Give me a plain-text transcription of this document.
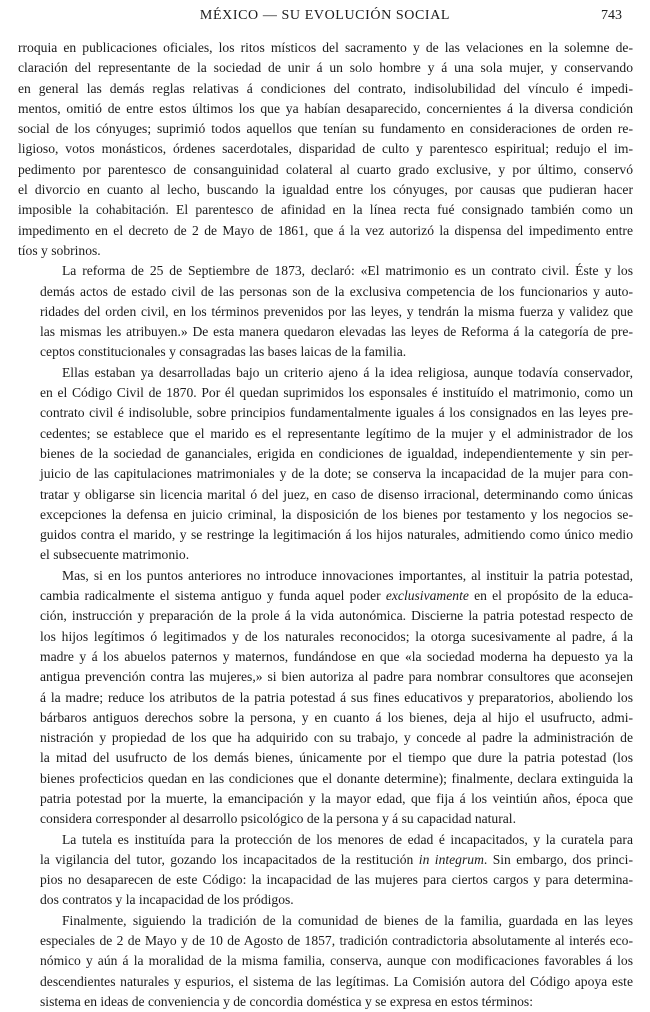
MÉXICO — SU EVOLUCIÓN SOCIAL	743
rroquia en publicaciones oficiales, los ritos místicos del sacramento y de las velaciones en la solemne de-
claración del representante de la sociedad de unir á un solo hombre y á una sola mujer, y conservando
en general las demás reglas relativas á condiciones del contrato, indisolubilidad del vínculo é impedi-
mentos, omitió de entre estos últimos los que ya habían desaparecido, concernientes á la diversa condición
social de los cónyuges; suprimió todos aquellos que tenían su fundamento en consideraciones de orden re-
ligioso, votos monásticos, órdenes sacerdotales, disparidad de culto y parentesco espiritual; redujo el im-
pedimento por parentesco de consanguinidad colateral al cuarto grado exclusive, y por último, conservó
el divorcio en cuanto al lecho, buscando la igualdad entre los cónyuges, por causas que pudieran hacer
imposible la cohabitación. El parentesco de afinidad en la línea recta fué consignado también como un
impedimento en el decreto de 2 de Mayo de 1861, que á la vez autorizó la dispensa del impedimento entre
tíos y sobrinos.
La reforma de 25 de Septiembre de 1873, declaró: «El matrimonio es un contrato civil. Éste y los
demás actos de estado civil de las personas son de la exclusiva competencia de los funcionarios y auto-
ridades del orden civil, en los términos prevenidos por las leyes, y tendrán la misma fuerza y validez que
las mismas les atribuyen.» De esta manera quedaron elevadas las leyes de Reforma á la categoría de pre-
ceptos constitucionales y consagradas las bases laicas de la familia.
Ellas estaban ya desarrolladas bajo un criterio ajeno á la idea religiosa, aunque todavía conservador,
en el Código Civil de 1870. Por él quedan suprimidos los esponsales é instituído el matrimonio, como un
contrato civil é indisoluble, sobre principios fundamentalmente iguales á los consignados en las leyes pre-
cedentes; se establece que el marido es el representante legítimo de la mujer y el administrador de los
bienes de la sociedad de gananciales, erigida en condiciones de igualdad, independientemente y sin per-
juicio de las capitulaciones matrimoniales y de la dote; se conserva la incapacidad de la mujer para con-
tratar y obligarse sin licencia marital ó del juez, en caso de disenso irracional, determinando como únicas
excepciones la defensa en juicio criminal, la disposición de los bienes por testamento y los negocios se-
guidos contra el marido, y se restringe la legitimación á los hijos naturales, admitiendo como único medio
el subsecuente matrimonio.
Mas, si en los puntos anteriores no introduce innovaciones importantes, al instituir la patria potestad,
cambia radicalmente el sistema antiguo y funda aquel poder exclusivamente en el propósito de la educa-
ción, instrucción y preparación de la prole á la vida autonómica. Discierne la patria potestad respecto de
los hijos legítimos ó legitimados y de los naturales reconocidos; la otorga sucesivamente al padre, á la
madre y á los abuelos paternos y maternos, fundándose en que «la sociedad moderna ha depuesto ya la
antigua prevención contra las mujeres,» si bien autoriza al padre para nombrar consultores que aconsejen
á la madre; reduce los atributos de la patria potestad á sus fines educativos y preparatorios, aboliendo los
bárbaros antiguos derechos sobre la persona, y en cuanto á los bienes, deja al hijo el usufructo, admi-
nistración y propiedad de los que ha adquirido con su trabajo, y concede al padre la administración de
la mitad del usufructo de los demás bienes, únicamente por el tiempo que dure la patria potestad (los
bienes profecticios quedan en las condiciones que el donante determine); finalmente, declara extinguida la
patria potestad por la muerte, la emancipación y la mayor edad, que fija á los veintiún años, época que
considera corresponder al desarrollo psicológico de la persona y á su capacidad natural.
La tutela es instituída para la protección de los menores de edad é incapacitados, y la curatela para
la vigilancia del tutor, gozando los incapacitados de la restitución in integrum. Sin embargo, dos princi-
pios no desaparecen de este Código: la incapacidad de las mujeres para ciertos cargos y para determina-
dos contratos y la incapacidad de los pródigos.
Finalmente, siguiendo la tradición de la comunidad de bienes de la familia, guardada en las leyes
especiales de 2 de Mayo y de 10 de Agosto de 1857, tradición contradictoria absolutamente al interés eco-
nómico y aún á la moralidad de la misma familia, conserva, aunque con modificaciones favorables á los
descendientes naturales y espurios, el sistema de las legítimas. La Comisión autora del Código apoya este
sistema en ideas de conveniencia y de concordia doméstica y se expresa en estos términos:
